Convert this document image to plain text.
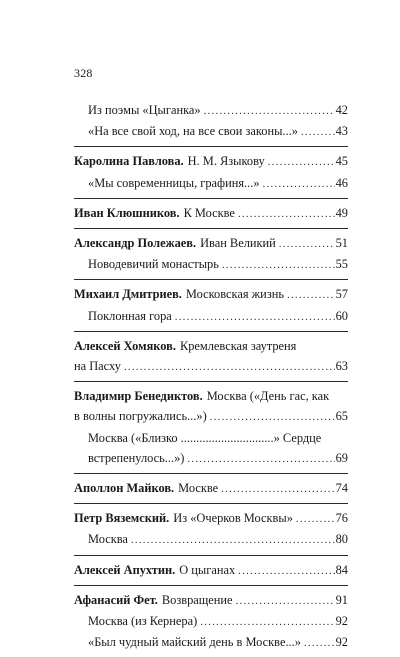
328
Из поэмы «Цыганка» .....	42
«На все свой ход, на все свои законы...» .....	43
Каролина Павлова. Н. М. Языкову .....	45
«Мы современницы, графиня...» .....	46
Иван Клюшников. К Москве .....	49
Александр Полежаев. Иван Великий .....	51
Новодевичий монастырь .....	55
Михаил Дмитриев. Московская жизнь .....	57
Поклонная гора .....	60
Алексей Хомяков. Кремлевская заутреня
на Пасху .....	63
Владимир Бенедиктов. Москва («День гас, как
в волны погружались...») .....	65
Москва («Близко ..............................» Сердце
встрепенулось...») .....	69
Аполлон Майков. Москве .....	74
Петр Вяземский. Из «Очерков Москвы» .....	76
Москва .....	80
Алексей Апухтин. О цыганах .....	84
Афанасий Фет. Возвращение .....	91
Москва (из Кернера) .....	92
«Был чудный майский день в Москве...» .....	92
